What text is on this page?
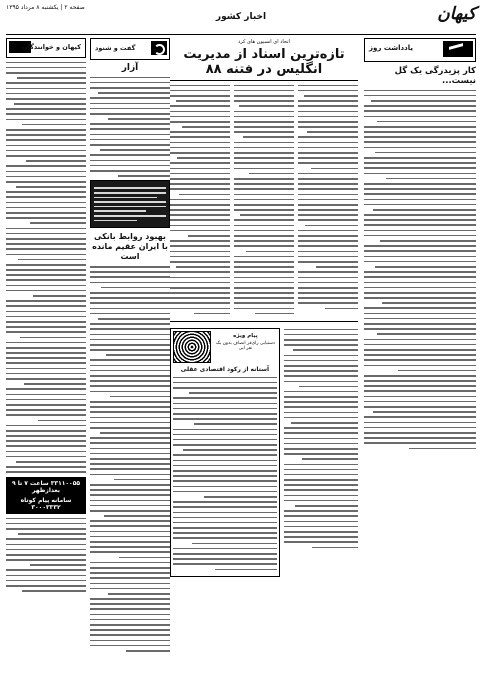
صفحه ۲ | یکشنبه ۸ مرداد ۱۳۹۵
اخبار کشور	کیهان
یادداشت روز
کار پزیدرگی یک گل نیست...
اتحاد ای انسیون های کرد
تازه‌ترین اسناد از مدیریت انگلیس در فتنه ۸۸
پیام ویژه
دستیابی رای‌قر انصاف بدون یک نفر ایی
آستانه از رکود اقتصادی عقلی
کیهان و خوانندگان
۳۳۱۱۰۰۵۵ ساعت ۷ تا ۹ بعدازظهر
سامانه پیام کوتاه ۳۰۰۰۳۳۳۲
گفت و شنود
آزار
بهبود روابط بانکی با ایران عقیم مانده است
